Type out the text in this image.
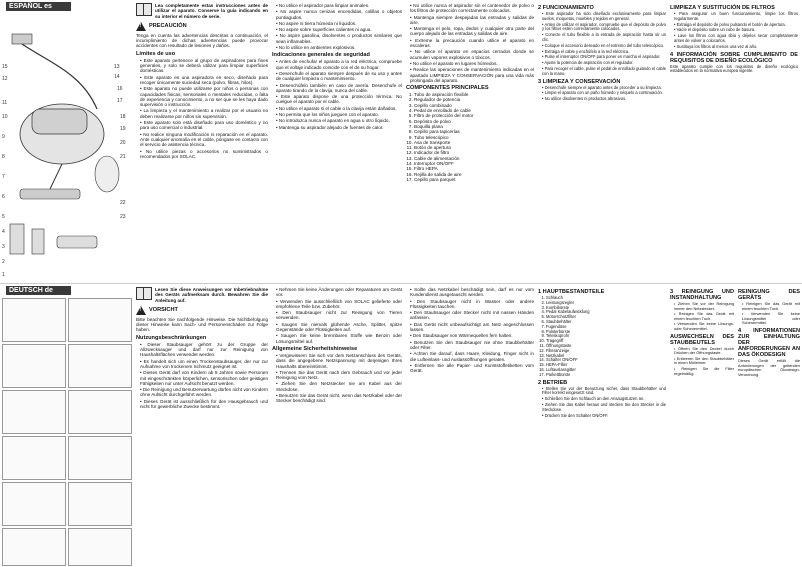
ESPAÑOL es
13
14
16
17
18
19
20
21
22
23
15
12
11
10
9
8
7
6
5
4
3
2
1

Lea completamente estas instrucciones antes de utilizar el aparato. Conserve la guía indicando en su interior el número de serie.

! PRECAUCIÓN

Tenga en cuenta las advertencias descritas a continuación, el incumplimiento de dichas advertencias puede provocar accidentes con resultado de lesiones y daños.

Límites de uso
• Este aparato pertenece al grupo de aspiradores para fines generales, y solo se deberá utilizar para limpiar superficies domésticas.
• Este aparato es una aspiradora en seco, diseñado para recoger únicamente suciedad seca (polvo, fibras, hilos).
• Este aparato no puede utilizarse por niños o personas con capacidades físicas, sensoriales o mentales reducidas, o falta de experiencia y conocimiento, a no ser que se les haya dado supervisión o instrucción.
• La limpieza y el mantenimiento a realizar por el usuario no deben realizarse por niños sin supervisión.
• Este aparato solo está diseñado para uso doméstico y no para uso comercial o industrial.
• No realice ninguna modificación ni reparación en el aparato. Ante cualquier anomalía en el cable, póngase en contacto con el servicio de asistencia técnica.
• No utilice piezas o accesorios no suministrados o recomendados por SOLAC.
• No utilice el aspirador para limpiar animales.
• No aspire nunca cenizas encendidas, colillas o objetos puntiagudos.
• No aspire ni tierra húmeda ni líquidos.
• No aspire sobre superficies calientes ni agua.
• No aspire gasolina, disolventes o productos similares que sean inflamables.
• No lo utilice en ambientes explosivos.
Indicaciones generales de seguridad
• Antes de enchufar el aparato a la red eléctrica, compruebe que el voltaje indicado coincide con el de su hogar.
• Desenchufe el aparato siempre después de su uso y antes de cualquier limpieza o mantenimiento.
• Desenchúfelo también en caso de avería. Desenchufe el aparato tirando de la clavija, nunca del cable.
• Este aparato dispone de una protección térmica. No cuelgue el aparato por el cable.
• No utilice el aparato si el cable o la clavija están dañados.
• No permita que los niños jueguen con el aparato.
• No introduzca nunca el aparato en agua u otro líquido.
• Mantenga su aspirador alejado de fuentes de calor.
• No utilice nunca el aspirador sin el contenedor de polvo o los filtros de protección correctamente colocados.
• Mantenga siempre despejadas las entradas y salidas de aire.
• Mantenga el pelo, ropa, dedos y cualquier otra parte del cuerpo alejado de las entradas y salidas de aire.
• Extreme la precaución cuando utilice el aparato en escaleras.
• No utilice el aparato en espacios cerrados donde se acumulen vapores explosivos o tóxicos.
• No utilice el aparato en lugares húmedos.
• Realice las operaciones de mantenimiento indicadas en el apartado LIMPIEZA Y CONSERVACIÓN para una vida más prolongada del aparato.
COMPONENTES PRINCIPALES
1. Tubo de aspiración flexible
2. Regulador de potencia
3. Cepillo combinado
4. Pedal de enrollado de cable
5. Filtro de protección del motor
6. Depósito de polvo
7. Boquilla plana
8. Cepillo para tapicerías
9. Tubo telescópico
10. Asa de transporte
11. Botón de apertura
12. Indicador de filtro
13. Cable de alimentación
14. Interruptor ON/OFF
15. Filtro HEPA
16. Rejilla de salida de aire
17. Cepillo para parquet
2 FUNCIONAMIENTO
• Este aspirador ha sido diseñado exclusivamente para limpiar suelos, moquetas, muebles y tejidos en general.
• Antes de utilizar el aspirador, compruebe que el depósito de polvo y los filtros estén correctamente colocados.
• Conecte el tubo flexible a la entrada de aspiración hasta oír un clic.
• Coloque el accesorio deseado en el extremo del tubo telescópico.
• Extraiga el cable y enchúfelo a la red eléctrica.
• Pulse el interruptor ON/OFF para poner en marcha el aspirador.
• Ajuste la potencia de aspiración con el regulador.
• Para recoger el cable, pulse el pedal de enrollado guiando el cable con la mano.
3 LIMPIEZA Y CONSERVACIÓN
• Desenchufe siempre el aparato antes de proceder a su limpieza.
• Limpie el aparato con un paño húmedo y séquelo a continuación.
• No utilice disolventes ni productos abrasivos.
LIMPIEZA Y SUSTITUCIÓN DE FILTROS
• Para asegurar un buen funcionamiento, limpie los filtros regularmente.
• Extraiga el depósito de polvo pulsando el botón de apertura.
• Vacíe el depósito sobre un cubo de basura.
• Lave los filtros con agua tibia y déjelos secar completamente antes de volver a colocarlos.
• Sustituya los filtros al menos una vez al año.
4 INFORMACIÓN SOBRE CUMPLIMIENTO DE REQUISITOS DE DISEÑO ECOLÓGICO

Este aparato cumple con los requisitos de diseño ecológico establecidos en la normativa europea vigente.

DEUTSCH de	Lesen Sie diese Anweisungen vor Inbetriebnahme des Geräts aufmerksam durch. Bewahren Sie die Anleitung auf.

! VORSICHT

Bitte beachten Sie nachfolgende Hinweise. Die Nichtbefolgung dieser Hinweise kann Sach- und Personenschäden zur Folge haben.

Nutzungsbeschränkungen
• Dieser Staubsauger gehört zu der Gruppe der Allzwecksauger und darf nur zur Reinigung von Haushaltsflächen verwendet werden.
• Es handelt sich um einen Trockenstaubsauger, der nur zur Aufnahme von trockenem Schmutz geeignet ist.
• Dieses Gerät darf von Kindern ab 8 Jahren sowie Personen mit eingeschränkten körperlichen, sensorischen oder geistigen Fähigkeiten nur unter Aufsicht benutzt werden.
• Die Reinigung und Benutzerwartung dürfen nicht von Kindern ohne Aufsicht durchgeführt werden.
• Dieses Gerät ist ausschließlich für den Hausgebrauch und nicht für gewerbliche Zwecke bestimmt.
• Nehmen Sie keine Änderungen oder Reparaturen am Gerät vor.
• Verwenden Sie ausschließlich von SOLAC gelieferte oder empfohlene Teile bzw. Zubehör.
• Den Staubsauger nicht zur Reinigung von Tieren verwenden.
• Saugen Sie niemals glühende Asche, Splitter, spitze Gegenstände oder Flüssigkeiten auf.
• Saugen Sie keine brennbaren Stoffe wie Benzin oder Lösungsmittel auf.
Allgemeine Sicherheitshinweise
• Vergewissern Sie sich vor dem Netzanschluss des Geräts, dass die angegebene Netzspannung mit derjenigen Ihres Haushalts übereinstimmt.
• Trennen Sie das Gerät nach dem Gebrauch und vor jeder Reinigung vom Netz.
• Ziehen Sie den Netzstecker nie am Kabel aus der Steckdose.
• Benutzen Sie das Gerät nicht, wenn das Netzkabel oder der Stecker beschädigt sind.
• Sollte das Netzkabel beschädigt sein, darf es nur vom Kundendienst ausgetauscht werden.
• Den Staubsauger nicht in Wasser oder andere Flüssigkeiten tauchen.
• Den Staubsauger oder Stecker nicht mit nassen Händen anfassen.
• Das Gerät nicht unbeaufsichtigt am Netz angeschlossen lassen.
• Den Staubsauger von Wärmequellen fern halten.
• Benutzen Sie den Staubsauger nie ohne Staubbehälter oder Filter.
• Achten Sie darauf, dass Haare, Kleidung, Finger nicht in die Lufteinlass- und Auslassöffnungen geraten.
• Entfernen Sie alle Papier- und Kunststoffetiketten vom Gerät.
1 HAUPTBESTANDTEILE
1. Schlauch
2. Leistungsregler
3. Kombibürste
4. Pedal Kabelaufwicklung
5. Motorschutzfilter
6. Staubbehälter
7. Fugendüse
8. Polsterbürste
9. Teleskoprohr
10. Tragegriff
11. Öffnungstaste
12. Filteranzeige
13. Netzkabel
14. Schalter ON/OFF
15. HEPA-Filter
16. Luftauslassgitter
17. Parkettbürste
2 BETRIEB
• Stellen Sie vor der Benutzung sicher, dass Staubbehälter und Filter korrekt eingesetzt sind.
• Schließen Sie den Schlauch an den Ansaugstutzen an.
• Ziehen Sie das Kabel heraus und stecken Sie den Stecker in die Steckdose.
• Drücken Sie den Schalter ON/OFF.
3 REINIGUNG UND INSTANDHALTUNG
• Ziehen Sie vor der Reinigung immer den Netzstecker.
• Reinigen Sie das Gerät mit einem feuchten Tuch.
• Verwenden Sie keine Lösungs- oder Scheuermittel.
AUSWECHSELN DES STAUBBEUTELS
• Öffnen Sie den Deckel durch Drücken der Öffnungstaste.
• Entleeren Sie den Staubbehälter in einen Mülleimer.
• Reinigen Sie die Filter regelmäßig.
REINIGUNG DES GERÄTS
• Reinigen Sie das Gerät mit einem feuchten Tuch.
• Verwenden Sie keine Lösungsmittel oder Scheuermittel.
4 INFORMATIONEN ZUR EINHALTUNG DER ANFORDERUNGEN AN DAS ÖKODESIGN

Dieses Gerät erfüllt die Anforderungen der geltenden europäischen Ökodesign-Verordnung.
